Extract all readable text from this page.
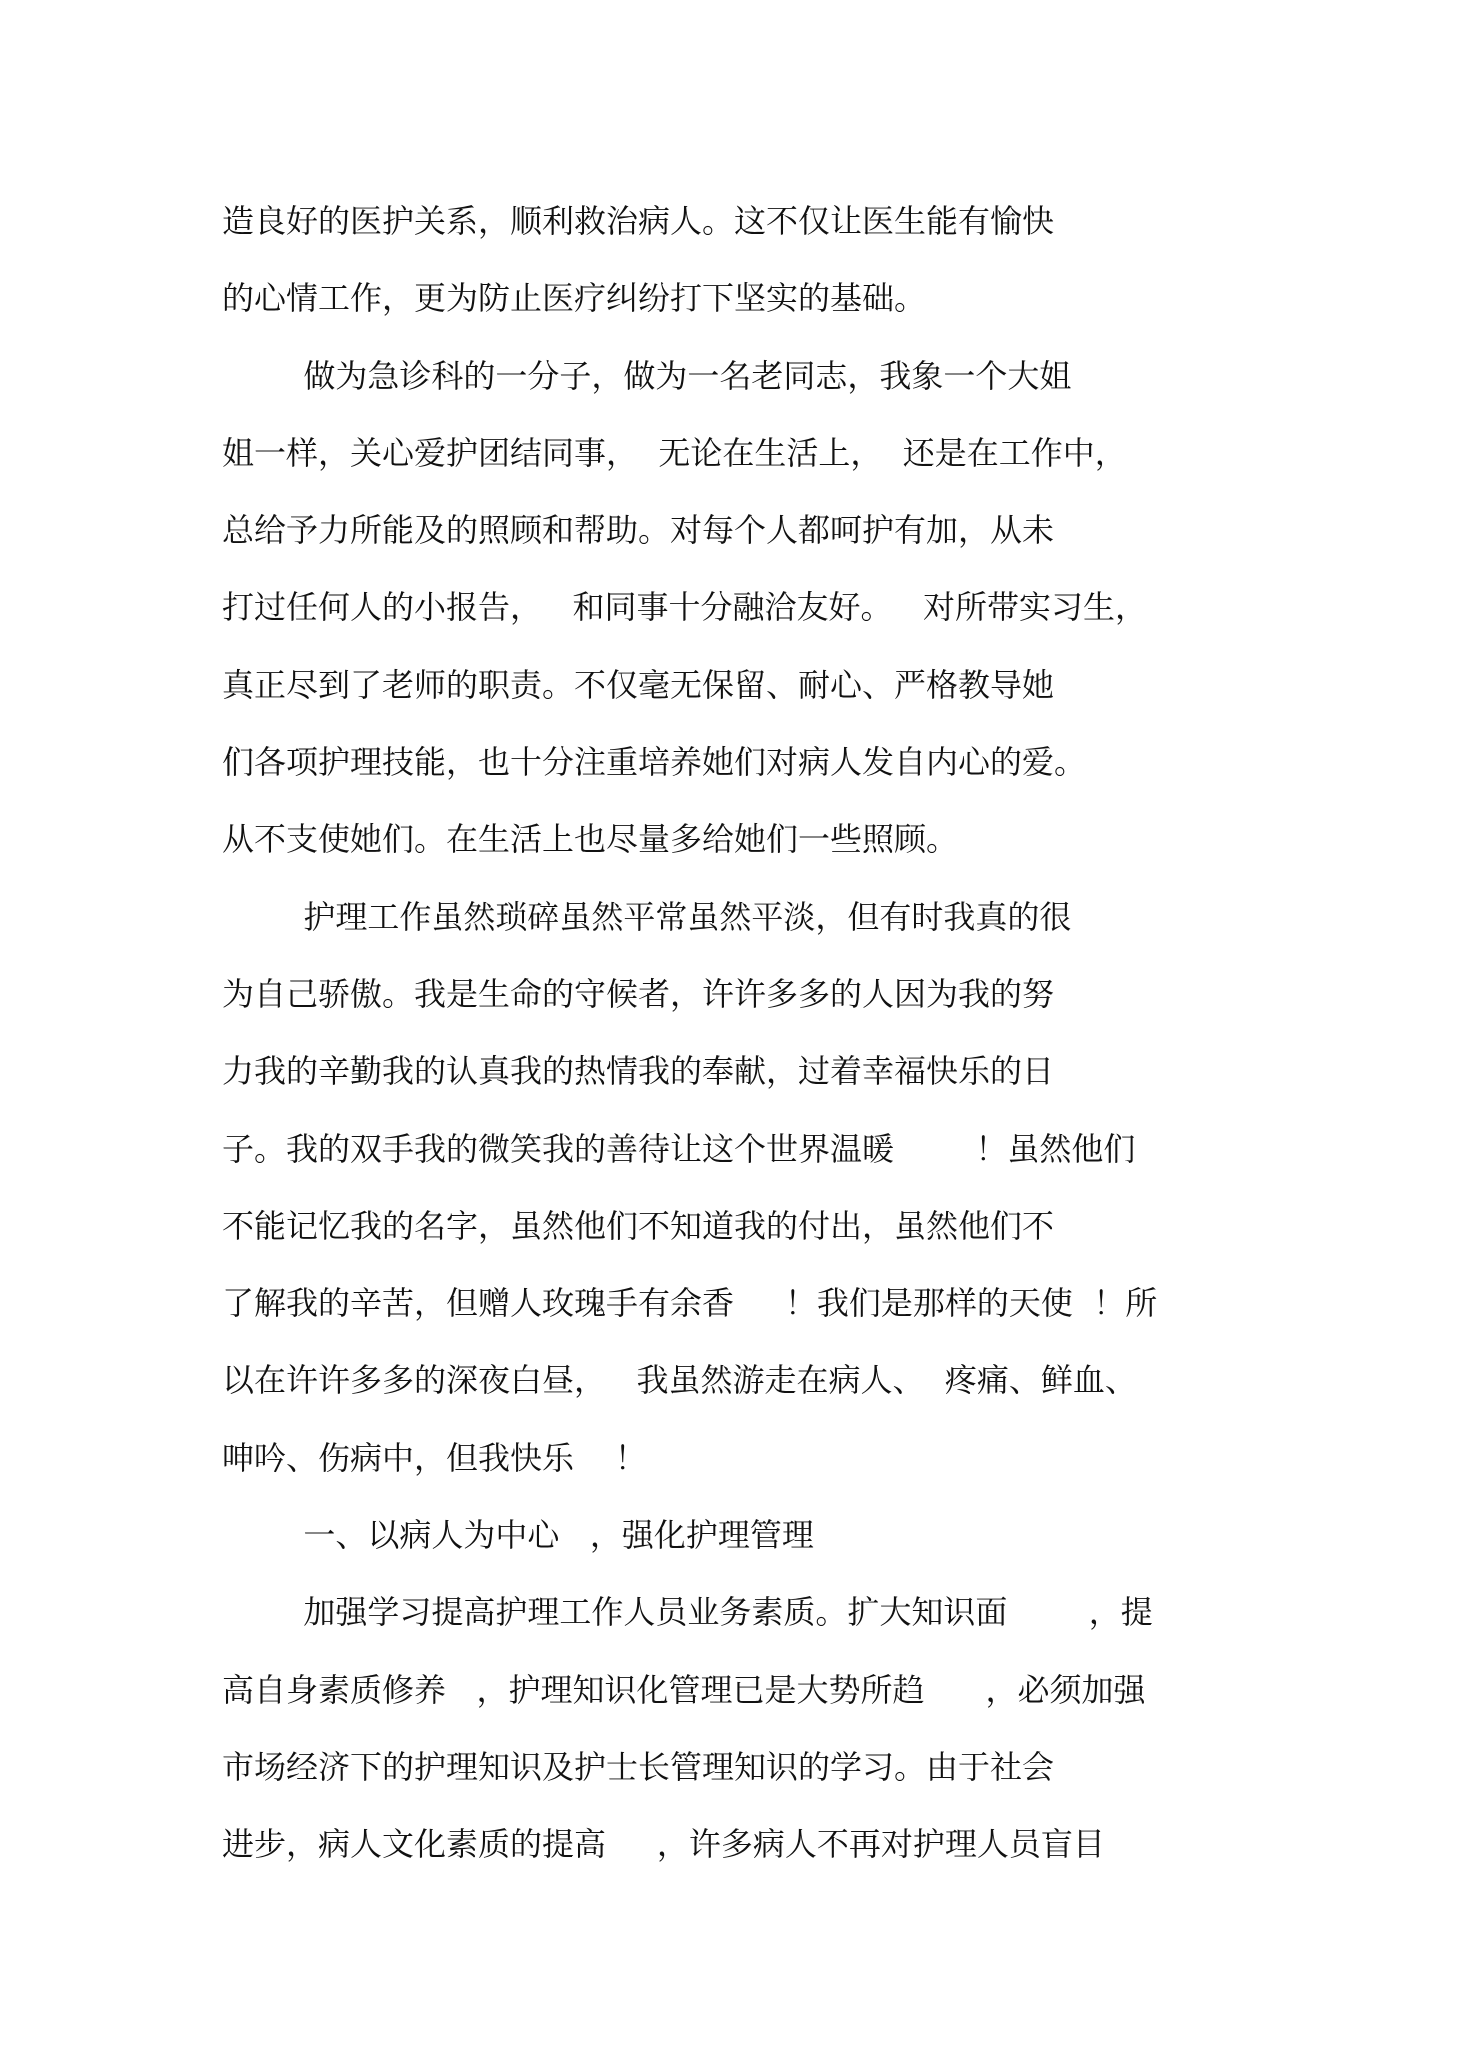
造良好的医护关系，顺利救治病人。这不仅让医生能有愉快
的心情工作，更为防止医疗纠纷打下坚实的基础。
做为急诊科的一分子，做为一名老同志，我象一个大姐
姐一样，关心爱护团结同事，  无论在生活上，  还是在工作中，
总给予力所能及的照顾和帮助。对每个人都呵护有加，从未
打过任何人的小报告，   和同事十分融洽友好。   对所带实习生，
真正尽到了老师的职责。不仅毫无保留、耐心、严格教导她
们各项护理技能，也十分注重培养她们对病人发自内心的爱。
从不支使她们。在生活上也尽量多给她们一些照顾。
护理工作虽然琐碎虽然平常虽然平淡，但有时我真的很
为自己骄傲。我是生命的守候者，许许多多的人因为我的努
力我的辛勤我的认真我的热情我的奉献，过着幸福快乐的日
子。我的双手我的微笑我的善待让这个世界温暖        ！虽然他们
不能记忆我的名字，虽然他们不知道我的付出，虽然他们不
了解我的辛苦，但赠人玫瑰手有余香     ！我们是那样的天使  ！所
以在许许多多的深夜白昼，   我虽然游走在病人、  疼痛、鲜血、
呻吟、伤病中，但我快乐    ！
一、以病人为中心   ，强化护理管理
加强学习提高护理工作人员业务素质。扩大知识面        ，提
高自身素质修养   ，护理知识化管理已是大势所趋      ，必须加强
市场经济下的护理知识及护士长管理知识的学习。由于社会
进步，病人文化素质的提高     ，许多病人不再对护理人员盲目
